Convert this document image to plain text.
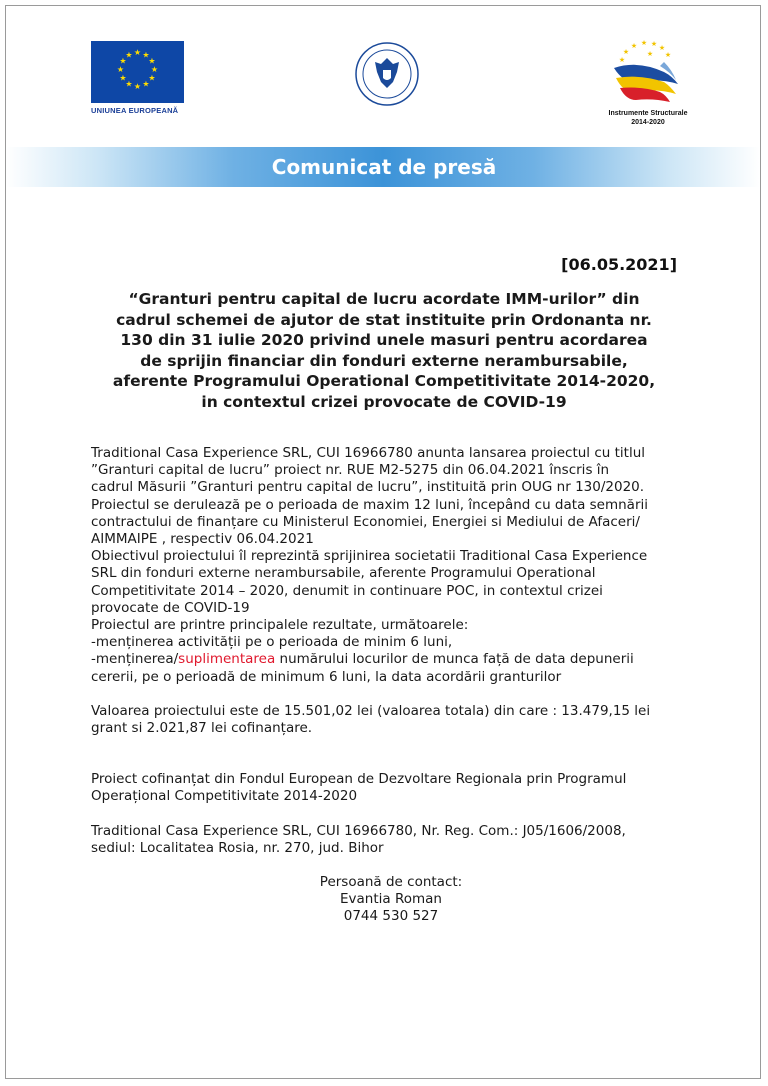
★ ★
★
★
★
★
★
★
★
★
★
★
UNIUNEA EUROPEANĂ
★ ★ ★ ★
★	★
★
★
Instrumente Structurale
2014-2020
Comunicat de presă
[06.05.2021]
“Granturi pentru capital de lucru acordate IMM-urilor” din
cadrul schemei de ajutor de stat instituite prin Ordonanta nr.
130 din 31 iulie 2020 privind unele masuri pentru acordarea
de sprijin financiar din fonduri externe nerambursabile,
aferente Programului Operational Competitivitate 2014-2020,
in contextul crizei provocate de COVID-19

Traditional Casa Experience SRL, CUI 16966780 anunta lansarea proiectul cu titlul

”Granturi capital de lucru” proiect nr. RUE M2-5275 din 06.04.2021 înscris în

cadrul Măsurii ”Granturi pentru capital de lucru”, instituită prin OUG nr 130/2020.

Proiectul se derulează pe o perioada de maxim 12 luni, începând cu data semnării

contractului de finanțare cu Ministerul Economiei, Energiei si Mediului de Afaceri/

AIMMAIPE , respectiv 06.04.2021

Obiectivul proiectului îl reprezintă sprijinirea societatii Traditional Casa Experience

SRL din fonduri externe nerambursabile, aferente Programului Operational

Competitivitate 2014 – 2020, denumit in continuare POC, in contextul crizei

provocate de COVID-19

Proiectul are printre principalele rezultate, următoarele:

-menținerea activității pe o perioada de minim 6 luni,

-menținerea/suplimentarea numărului locurilor de munca față de data depunerii

cererii, pe o perioadă de minimum 6 luni, la data acordării granturilor

Valoarea proiectului este de 15.501,02 lei (valoarea totala) din care : 13.479,15 lei

grant si 2.021,87 lei cofinanțare.

Proiect cofinanțat din Fondul European de Dezvoltare Regionala prin Programul

Operațional Competitivitate 2014-2020

Traditional Casa Experience SRL, CUI 16966780, Nr. Reg. Com.: J05/1606/2008,

sediul: Localitatea Rosia, nr. 270, jud. Bihor

Persoană de contact:

Evantia Roman

0744 530 527
